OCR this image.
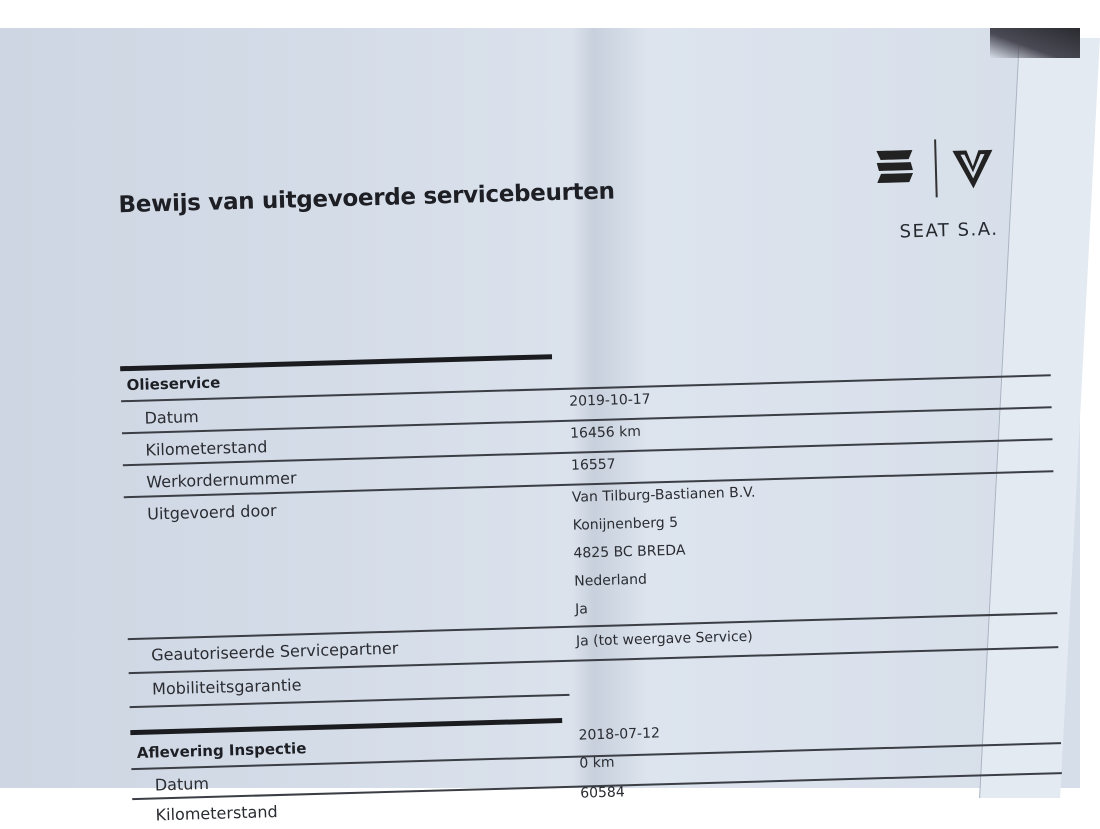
Bewijs van uitgevoerde servicebeurten
SEAT S.A.
Olieservice
Datum
2019-10-17
Kilometerstand
16456 km
Werkordernummer
16557
Uitgevoerd door
Van Tilburg-Bastianen B.V.
Konijnenberg 5
4825 BC BREDA
Nederland
Ja
Geautoriseerde Servicepartner	Ja (tot weergave Service)
Mobiliteitsgarantie
Aflevering Inspectie
2018-07-12
Datum
0 km
Kilometerstand
60584
